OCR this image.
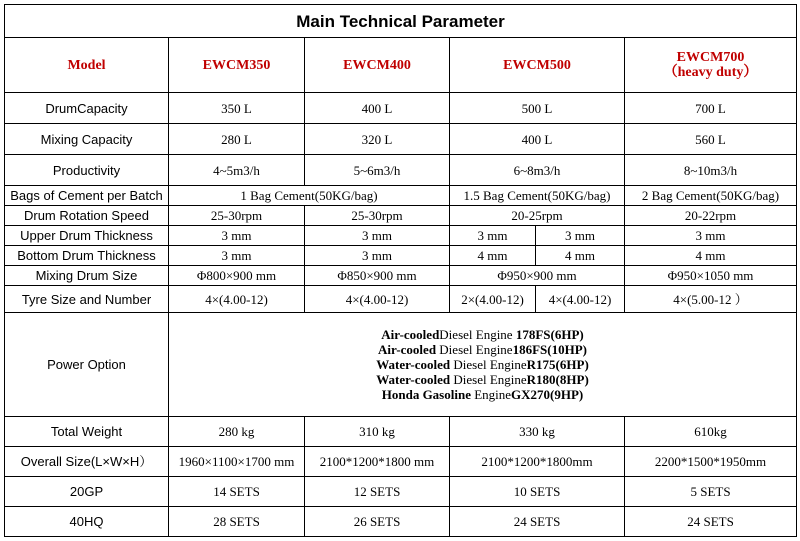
Main Technical Parameter					
Model	EWCM350	EWCM400	EWCM500		EWCM700
（heavy duty）
DrumCapacity	350 L	400 L	500 L		700 L
Mixing Capacity	280 L	320 L	400 L		560 L
Productivity	4~5m3/h	5~6m3/h	6~8m3/h		8~10m3/h
Bags of Cement per Batch	1 Bag Cement(50KG/bag)		1.5 Bag Cement(50KG/bag)		2 Bag Cement(50KG/bag)
Drum Rotation Speed	25-30rpm	25-30rpm	20-25rpm		20-22rpm
Upper Drum Thickness	3 mm	3 mm	3 mm	3 mm	3 mm
Bottom Drum Thickness	3 mm	3 mm	4 mm	4 mm	4 mm
Mixing Drum Size	Φ800×900 mm	Φ850×900 mm	Φ950×900 mm		Φ950×1050 mm
Tyre Size and Number	4×(4.00-12)	4×(4.00-12)	2×(4.00-12)	4×(4.00-12)	4×(5.00-12 ）
Power Option	Air-cooledDiesel Engine 178FS(6HP)
Air-cooled Diesel Engine186FS(10HP)
Water-cooled Diesel EngineR175(6HP)
Water-cooled Diesel EngineR180(8HP)
Honda Gasoline EngineGX270(9HP)				

Total Weight	280 kg	310 kg	330 kg		610kg
Overall Size(L×W×H）	1960×1100×1700 mm	2100*1200*1800 mm	2100*1200*1800mm		2200*1500*1950mm
20GP	14 SETS	12 SETS	10 SETS		5 SETS
40HQ	28 SETS	26 SETS	24 SETS		24 SETS
